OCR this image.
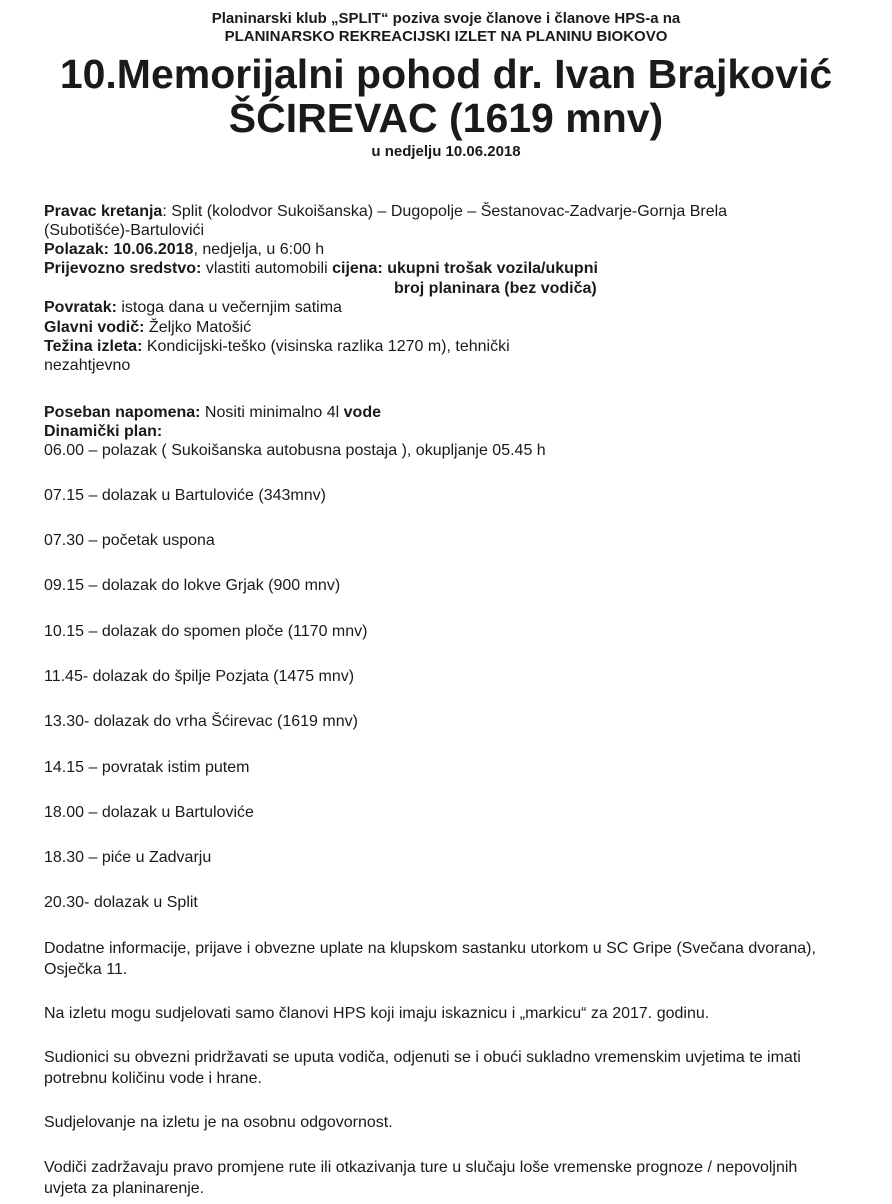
Planinarski klub „SPLIT“ poziva svoje članove i članove HPS-a na
PLANINARSKO REKREACIJSKI IZLET NA PLANINU BIOKOVO
10.Memorijalni pohod dr. Ivan Brajković
ŠĆIREVAC (1619 mnv)
u nedjelju 10.06.2018
Pravac kretanja: Split (kolodvor Sukoišanska) – Dugopolje – Šestanovac-Zadvarje-Gornja Brela
(Subotišće)-Bartulovići
Polazak: 10.06.2018, nedjelja, u 6:00 h
Prijevozno sredstvo: vlastiti automobili cijena: ukupni trošak vozila/ukupni
broj planinara (bez vodiča)
Povratak: istoga dana u večernjim satima
Glavni vodič: Željko Matošić
Težina izleta: Kondicijski-teško (visinska razlika 1270 m), tehnički
nezahtjevno
Poseban napomena: Nositi minimalno 4l vode
Dinamički plan:
06.00 – polazak ( Sukoišanska autobusna postaja ), okupljanje 05.45 h
07.15 – dolazak u Bartuloviće (343mnv)
07.30 – početak uspona
09.15 – dolazak do lokve Grjak (900 mnv)
10.15 – dolazak do spomen ploče (1170 mnv)
11.45- dolazak do špilje Pozjata (1475 mnv)
13.30- dolazak do vrha Šćirevac (1619 mnv)
14.15 – povratak istim putem
18.00 – dolazak u Bartuloviće
18.30 – piće u Zadvarju
20.30- dolazak u Split
Dodatne informacije, prijave i obvezne uplate na klupskom sastanku utorkom u SC Gripe (Svečana dvorana), Osječka 11.
Na izletu mogu sudjelovati samo članovi HPS koji imaju iskaznicu i „markicu“ za 2017. godinu.
Sudionici su obvezni pridržavati se uputa vodiča, odjenuti se i obući sukladno vremenskim uvjetima te imati potrebnu količinu vode i hrane.
Sudjelovanje na izletu je na osobnu odgovornost.
Vodiči zadržavaju pravo promjene rute ili otkazivanja ture u slučaju loše vremenske prognoze / nepovoljnih uvjeta za planinarenje.
